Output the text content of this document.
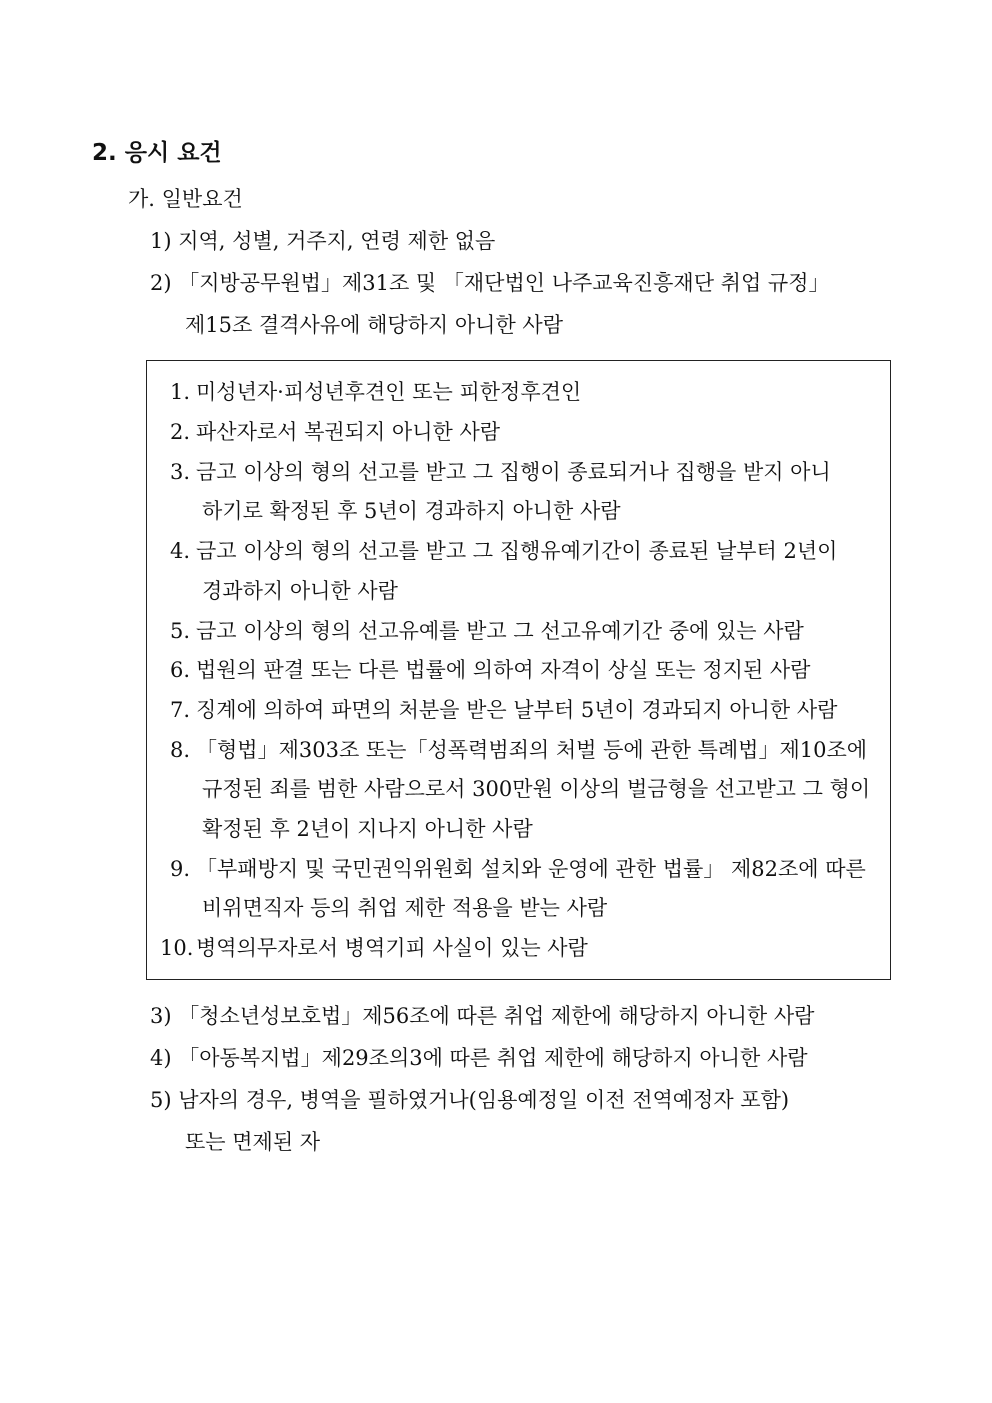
2. 응시 요건
가. 일반요건
1) 지역, 성별, 거주지, 연령 제한 없음
2) 「지방공무원법」제31조 및 「재단법인 나주교육진흥재단 취업 규정」
제15조 결격사유에 해당하지 아니한 사람
1. 미성년자·피성년후견인 또는 피한정후견인
2. 파산자로서 복권되지 아니한 사람
3. 금고 이상의 형의 선고를 받고 그 집행이 종료되거나 집행을 받지 아니
하기로 확정된 후 5년이 경과하지 아니한 사람
4. 금고 이상의 형의 선고를 받고 그 집행유예기간이 종료된 날부터 2년이
경과하지 아니한 사람
5. 금고 이상의 형의 선고유예를 받고 그 선고유예기간 중에 있는 사람
6. 법원의 판결 또는 다른 법률에 의하여 자격이 상실 또는 정지된 사람
7. 징계에 의하여 파면의 처분을 받은 날부터 5년이 경과되지 아니한 사람
8. 「형법」제303조 또는「성폭력범죄의 처벌 등에 관한 특례법」제10조에
규정된 죄를 범한 사람으로서 300만원 이상의 벌금형을 선고받고 그 형이
확정된 후 2년이 지나지 아니한 사람
9. 「부패방지 및 국민권익위원회 설치와 운영에 관한 법률」 제82조에 따른
비위면직자 등의 취업 제한 적용을 받는 사람
10. 병역의무자로서 병역기피 사실이 있는 사람
3) 「청소년성보호법」제56조에 따른 취업 제한에 해당하지 아니한 사람
4) 「아동복지법」제29조의3에 따른 취업 제한에 해당하지 아니한 사람
5) 남자의 경우, 병역을 필하였거나(임용예정일 이전 전역예정자 포함)
또는 면제된 자
